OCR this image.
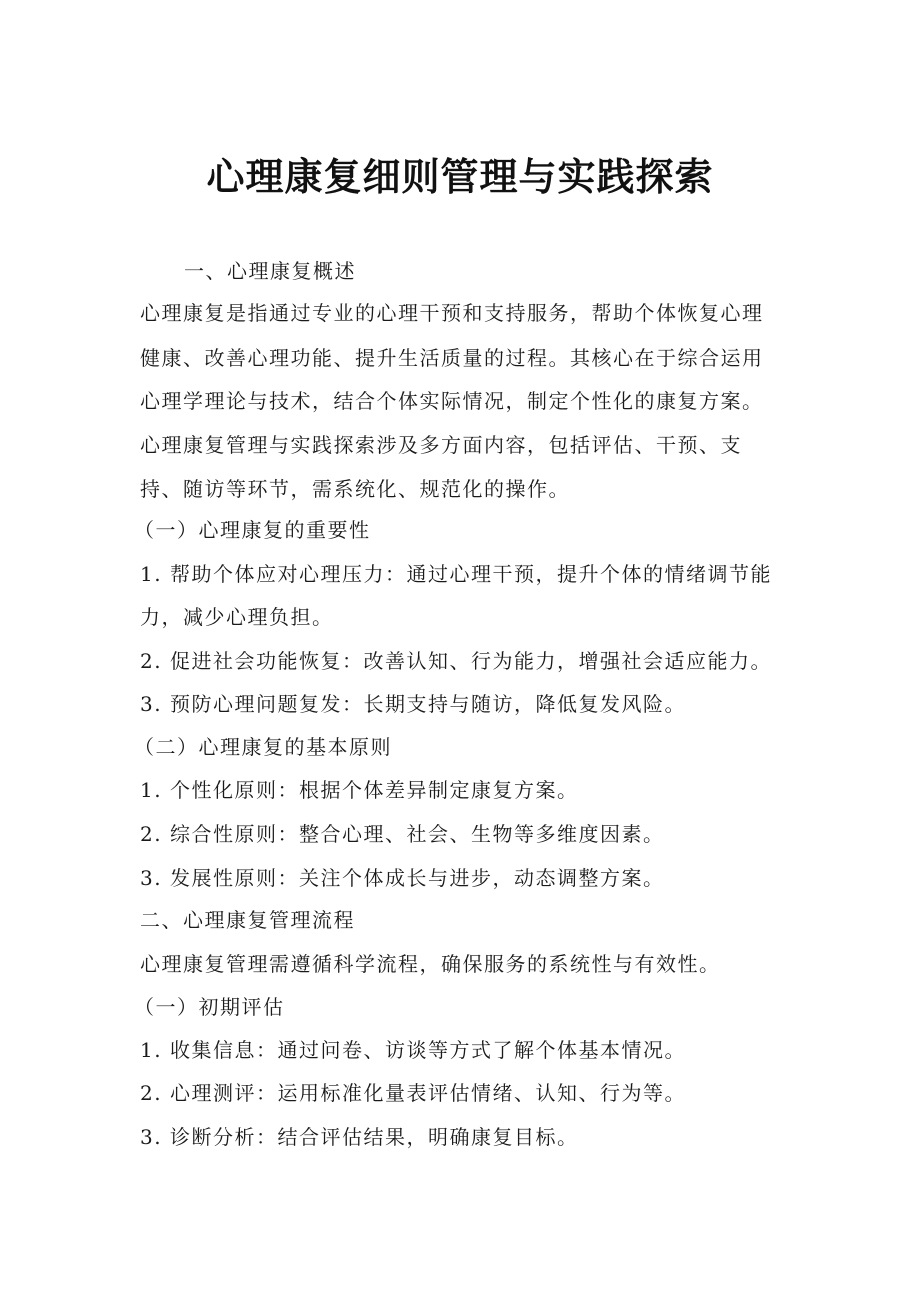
心理康复细则管理与实践探索
一、心理康复概述
心理康复是指通过专业的心理干预和支持服务，帮助个体恢复心理
健康、改善心理功能、提升生活质量的过程。其核心在于综合运用
心理学理论与技术，结合个体实际情况，制定个性化的康复方案。
心理康复管理与实践探索涉及多方面内容，包括评估、干预、支
持、随访等环节，需系统化、规范化的操作。
（一）心理康复的重要性
1. 帮助个体应对心理压力：通过心理干预，提升个体的情绪调节能
力，减少心理负担。
2. 促进社会功能恢复：改善认知、行为能力，增强社会适应能力。
3. 预防心理问题复发：长期支持与随访，降低复发风险。
（二）心理康复的基本原则
1. 个性化原则：根据个体差异制定康复方案。
2. 综合性原则：整合心理、社会、生物等多维度因素。
3. 发展性原则：关注个体成长与进步，动态调整方案。
二、心理康复管理流程
心理康复管理需遵循科学流程，确保服务的系统性与有效性。
（一）初期评估
1. 收集信息：通过问卷、访谈等方式了解个体基本情况。
2. 心理测评：运用标准化量表评估情绪、认知、行为等。
3. 诊断分析：结合评估结果，明确康复目标。
